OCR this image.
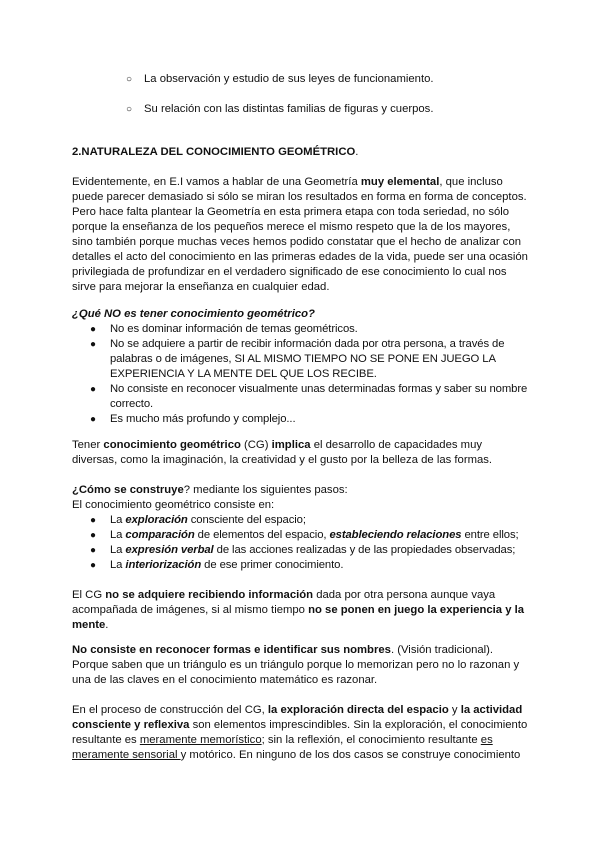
○ La observación y estudio de sus leyes de funcionamiento.
○ Su relación con las distintas familias de figuras y cuerpos.
2.NATURALEZA DEL CONOCIMIENTO GEOMÉTRICO.

Evidentemente, en E.I vamos a hablar de una Geometría muy elemental, que incluso puede parecer demasiado si sólo se miran los resultados en forma en forma de conceptos. Pero hace falta plantear la Geometría en esta primera etapa con toda seriedad, no sólo porque la enseñanza de los pequeños merece el mismo respeto que la de los mayores, sino también porque muchas veces hemos podido constatar que el hecho de analizar con detalles el acto del conocimiento en las primeras edades de la vida, puede ser una ocasión privilegiada de profundizar en el verdadero significado de ese conocimiento lo cual nos sirve para mejorar la enseñanza en cualquier edad.

¿Qué NO es tener conocimiento geométrico?

● No es dominar información de temas geométricos.
● No se adquiere a partir de recibir información dada por otra persona, a través de palabras o de imágenes, SI AL MISMO TIEMPO NO SE PONE EN JUEGO LA EXPERIENCIA Y LA MENTE DEL QUE LOS RECIBE.
● No consiste en reconocer visualmente unas determinadas formas y saber su nombre correcto.
● Es mucho más profundo y complejo...

Tener conocimiento geométrico (CG) implica el desarrollo de capacidades muy diversas, como la imaginación, la creatividad y el gusto por la belleza de las formas.

¿Cómo se construye? mediante los siguientes pasos:

El conocimiento geométrico consiste en:

● La exploración consciente del espacio;
● La comparación de elementos del espacio, estableciendo relaciones entre ellos;
● La expresión verbal de las acciones realizadas y de las propiedades observadas;
● La interiorización de ese primer conocimiento.

El CG no se adquiere recibiendo información dada por otra persona aunque vaya acompañada de imágenes, si al mismo tiempo no se ponen en juego la experiencia y la mente.

No consiste en reconocer formas e identificar sus nombres. (Visión tradicional). Porque saben que un triángulo es un triángulo porque lo memorizan pero no lo razonan y una de las claves en el conocimiento matemático es razonar.

En el proceso de construcción del CG, la exploración directa del espacio y la actividad consciente y reflexiva son elementos imprescindibles. Sin la exploración, el conocimiento resultante es meramente memorístico; sin la reflexión, el conocimiento resultante es meramente sensorial y motórico. En ninguno de los dos casos se construye conocimiento
